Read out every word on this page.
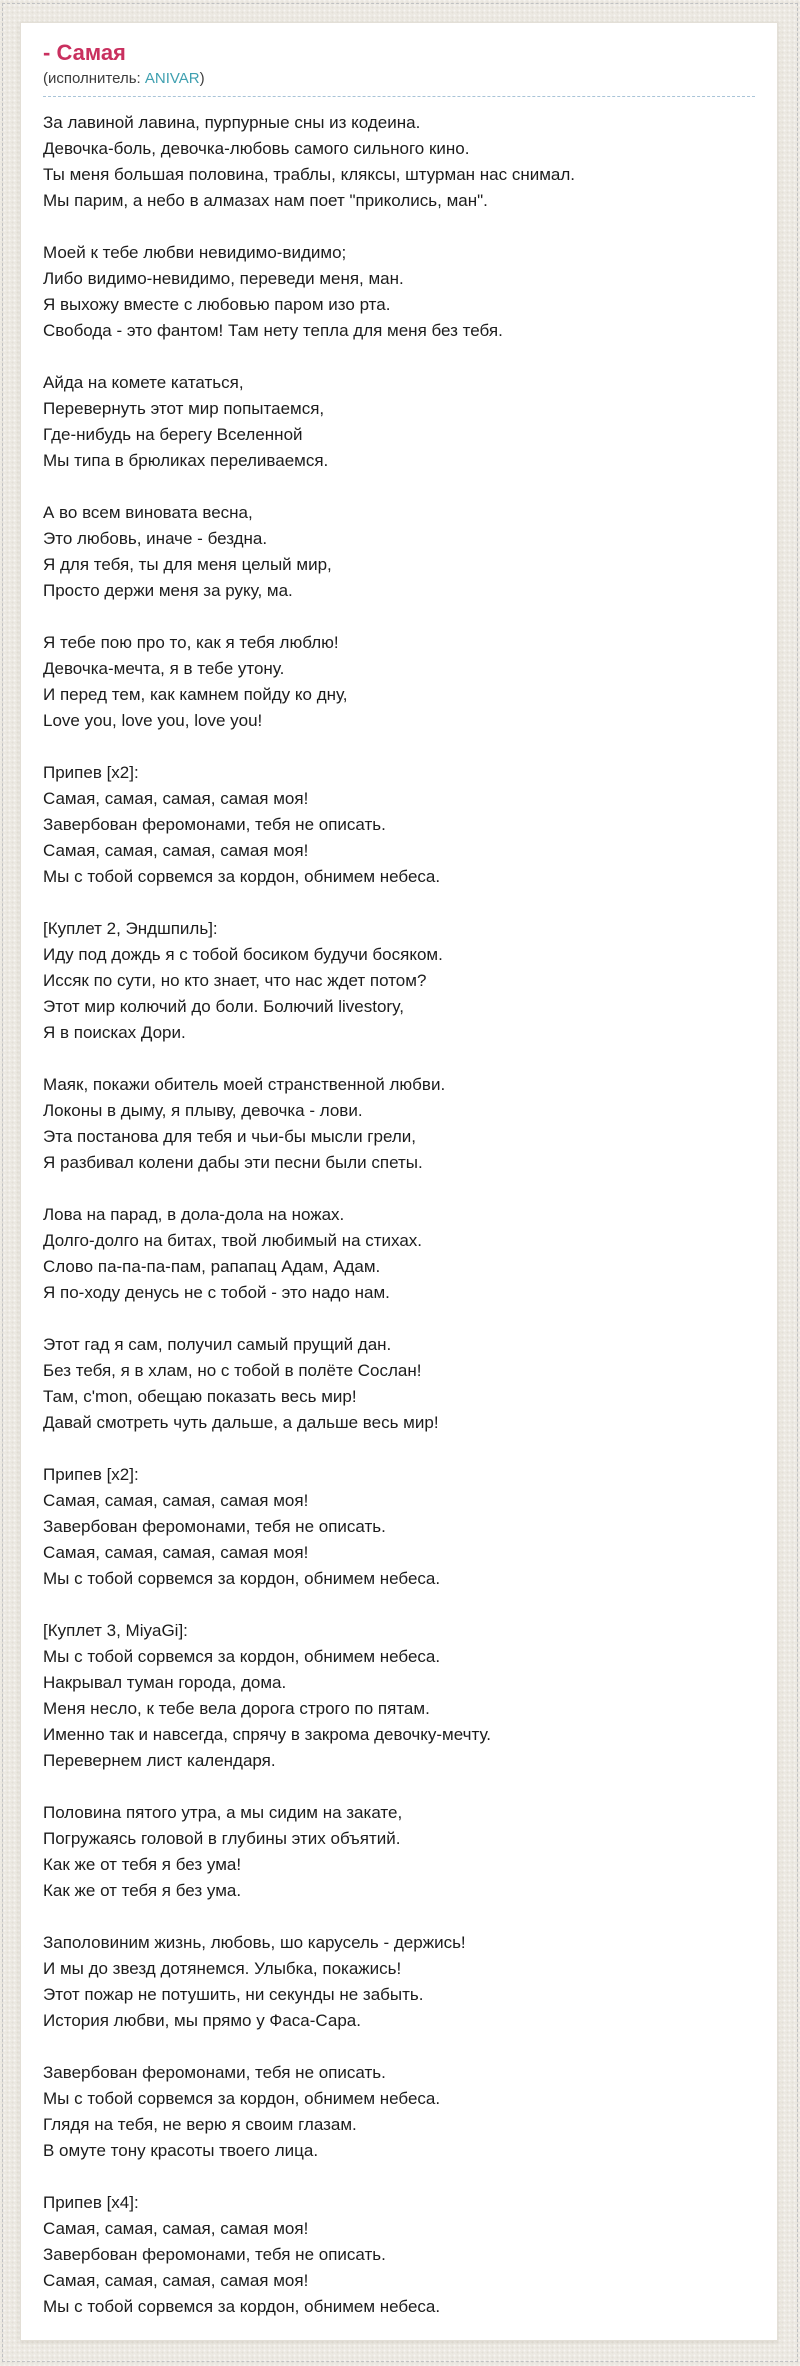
- Самая
(исполнитель: ANIVAR)
За лавиной лавина, пурпурные сны из кодеина.
Девочка-боль, девочка-любовь самого сильного кино.
Ты меня большая половина, траблы, кляксы, штурман нас снимал.
Мы парим, а небо в алмазах нам поет "приколись, ман".
Моей к тебе любви невидимо-видимо;
Либо видимо-невидимо, переведи меня, ман.
Я выхожу вместе с любовью паром изо рта.
Свобода - это фантом! Там нету тепла для меня без тебя.
Айда на комете кататься,
Перевернуть этот мир попытаемся,
Где-нибудь на берегу Вселенной
Мы типа в брюликах переливаемся.
А во всем виновата весна,
Это любовь, иначе - бездна.
Я для тебя, ты для меня целый мир,
Просто держи меня за руку, ма.
Я тебе пою про то, как я тебя люблю!
Девочка-мечта, я в тебе утону.
И перед тем, как камнем пойду ко дну,
Love you, love you, love you!
Припев [x2]:
Самая, самая, самая, самая моя!
Завербован феромонами, тебя не описать.
Самая, самая, самая, самая моя!
Мы с тобой сорвемся за кордон, обнимем небеса.
[Куплет 2, Эндшпиль]:
Иду под дождь я с тобой босиком будучи босяком.
Иссяк по сути, но кто знает, что нас ждет потом?
Этот мир колючий до боли. Болючий livestory,
Я в поисках Дори.
Маяк, покажи обитель моей странственной любви.
Локоны в дыму, я плыву, девочка - лови.
Эта постанова для тебя и чьи-бы мысли грели,
Я разбивал колени дабы эти песни были спеты.
Лова на парад, в дола-дола на ножах.
Долго-долго на битах, твой любимый на стихах.
Слово па-па-па-пам, рапапац Адам, Адам.
Я по-ходу денусь не с тобой - это надо нам.
Этот гад я сам, получил самый прущий дан.
Без тебя, я в хлам, но с тобой в полёте Сослан!
Там, c'mon, обещаю показать весь мир!
Давай смотреть чуть дальше, а дальше весь мир!
Припев [x2]:
Самая, самая, самая, самая моя!
Завербован феромонами, тебя не описать.
Самая, самая, самая, самая моя!
Мы с тобой сорвемся за кордон, обнимем небеса.
[Куплет 3, MiyaGi]:
Мы с тобой сорвемся за кордон, обнимем небеса.
Накрывал туман города, дома.
Меня несло, к тебе вела дорога строго по пятам.
Именно так и навсегда, спрячу в закрома девочку-мечту.
Перевернем лист календаря.
Половина пятого утра, а мы сидим на закате,
Погружаясь головой в глубины этих объятий.
Как же от тебя я без ума!
Как же от тебя я без ума.
Заполовиним жизнь, любовь, шо карусель - держись!
И мы до звезд дотянемся. Улыбка, покажись!
Этот пожар не потушить, ни секунды не забыть.
История любви, мы прямо у Фаса-Сара.
Завербован феромонами, тебя не описать.
Мы с тобой сорвемся за кордон, обнимем небеса.
Глядя на тебя, не верю я своим глазам.
В омуте тону красоты твоего лица.
Припев [x4]:
Самая, самая, самая, самая моя!
Завербован феромонами, тебя не описать.
Самая, самая, самая, самая моя!
Мы с тобой сорвемся за кордон, обнимем небеса.
